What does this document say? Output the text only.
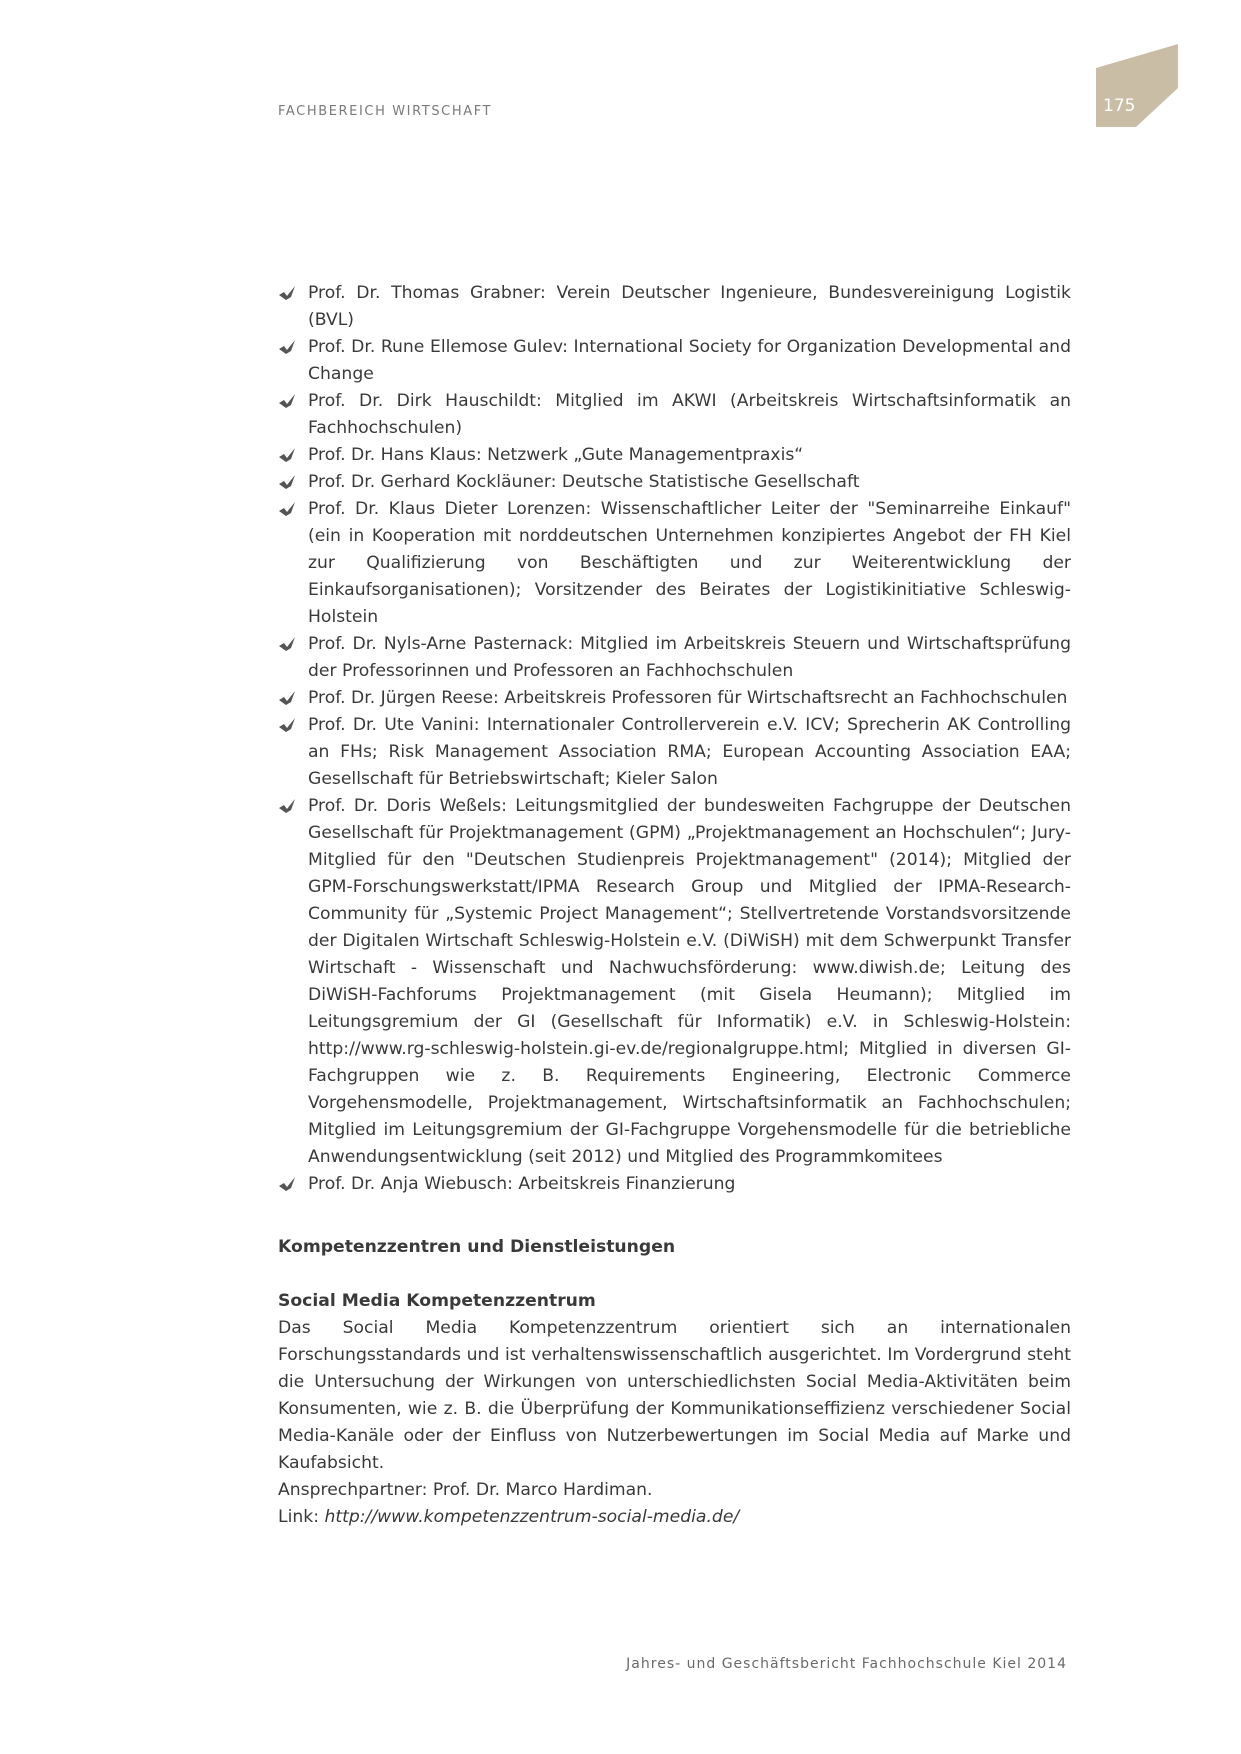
FACHBEREICH WIRTSCHAFT	175
Prof. Dr. Thomas Grabner: Verein Deutscher Ingenieure, Bundesvereinigung Logistik (BVL)
Prof. Dr. Rune Ellemose Gulev: International Society for Organization Developmental and Change
Prof. Dr. Dirk Hauschildt: Mitglied im AKWI (Arbeitskreis Wirtschaftsinformatik an Fachhochschulen)
Prof. Dr. Hans Klaus: Netzwerk „Gute Managementpraxis“
Prof. Dr. Gerhard Kockläuner: Deutsche Statistische Gesellschaft
Prof. Dr. Klaus Dieter Lorenzen: Wissenschaftlicher Leiter der "Seminarreihe Einkauf" (ein in Kooperation mit norddeutschen Unternehmen konzipiertes Angebot der FH Kiel zur Qualifizierung von Beschäftigten und zur Weiterentwicklung der Einkaufsorganisationen); Vorsitzender des Beirates der Logistikinitiative Schleswig-Holstein
Prof. Dr. Nyls-Arne Pasternack: Mitglied im Arbeitskreis Steuern und Wirtschaftsprüfung der Professorinnen und Professoren an Fachhochschulen
Prof. Dr. Jürgen Reese: Arbeitskreis Professoren für Wirtschaftsrecht an Fachhochschulen
Prof. Dr. Ute Vanini: Internationaler Controllerverein e.V. ICV; Sprecherin AK Controlling an FHs; Risk Management Association RMA; European Accounting Association EAA; Gesellschaft für Betriebswirtschaft; Kieler Salon
Prof. Dr. Doris Weßels: Leitungsmitglied der bundesweiten Fachgruppe der Deutschen Gesellschaft für Projektmanagement (GPM) „Projektmanagement an Hochschulen“; Jury-Mitglied für den "Deutschen Studienpreis Projektmanagement" (2014); Mitglied der GPM-Forschungswerkstatt/IPMA Research Group und Mitglied der IPMA-Research-Community für „Systemic Project Management“; Stellvertretende Vorstandsvorsitzende der Digitalen Wirtschaft Schleswig-Holstein e.V. (DiWiSH) mit dem Schwerpunkt Transfer Wirtschaft - Wissenschaft und Nachwuchsförderung: www.diwish.de; Leitung des DiWiSH-Fachforums Projektmanagement (mit Gisela Heumann); Mitglied im Leitungsgremium der GI (Gesellschaft für Informatik) e.V. in Schleswig-Holstein: http://www.rg-schleswig-holstein.gi-ev.de/regionalgruppe.html; Mitglied in diversen GI-Fachgruppen wie z. B. Requirements Engineering, Electronic Commerce Vorgehensmodelle, Projektmanagement, Wirtschaftsinformatik an Fachhochschulen; Mitglied im Leitungsgremium der GI-Fachgruppe Vorgehensmodelle für die betriebliche Anwendungsentwicklung (seit 2012) und Mitglied des Programmkomitees
Prof. Dr. Anja Wiebusch: Arbeitskreis Finanzierung
Kompetenzzentren und Dienstleistungen
Social Media Kompetenzzentrum

Das Social Media Kompetenzzentrum orientiert sich an internationalen Forschungsstandards und ist verhaltenswissenschaftlich ausgerichtet. Im Vordergrund steht die Untersuchung der Wirkungen von unterschiedlichsten Social Media-Aktivitäten beim Konsumenten, wie z. B. die Überprüfung der Kommunikationseffizienz verschiedener Social Media-Kanäle oder der Einfluss von Nutzerbewertungen im Social Media auf Marke und Kaufabsicht.

Ansprechpartner: Prof. Dr. Marco Hardiman.

Link: http://www.kompetenzzentrum-social-media.de/

Jahres- und Geschäftsbericht Fachhochschule Kiel 2014
